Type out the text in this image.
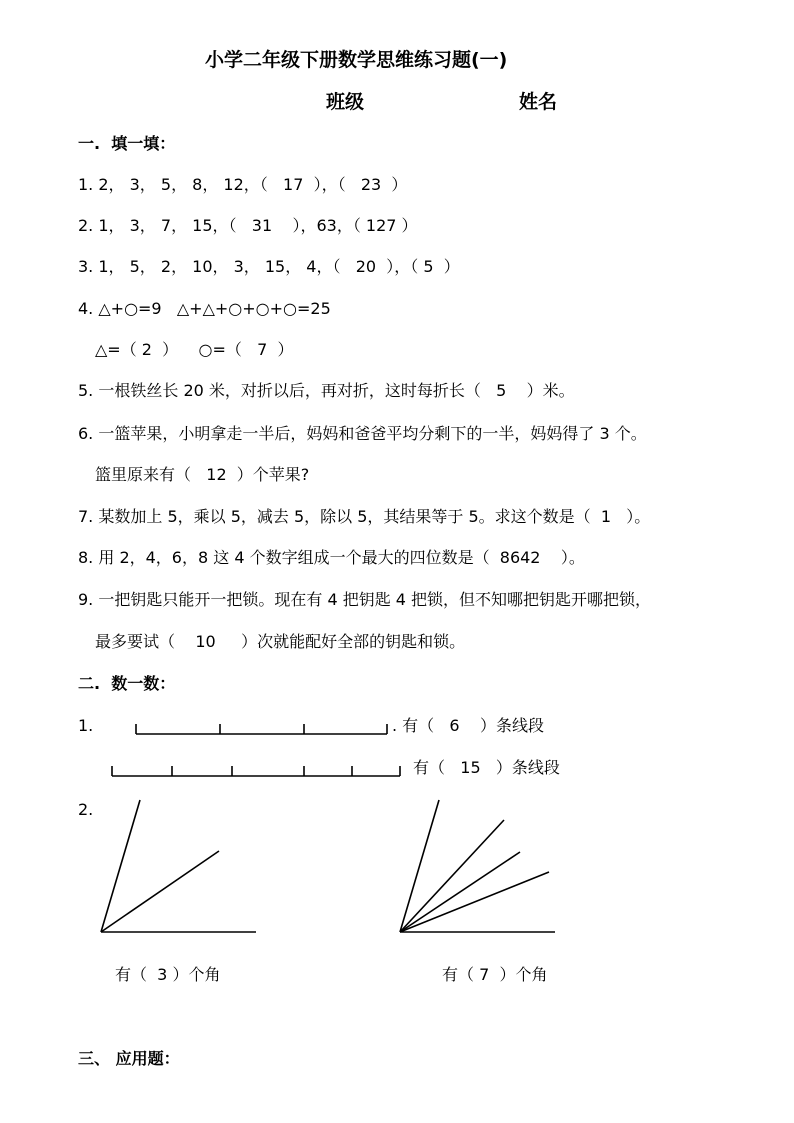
小学二年级下册数学思维练习题(一)
班级	姓名
一.  填一填：
1. 2， 3， 5， 8， 12，（   17  ），（   23  ）
2. 1， 3， 7， 15，（   31    ），63，（ 127 ）
3. 1， 5， 2， 10， 3， 15， 4，（   20  ），（ 5  ）
4. △+○=9   △+△+○+○+○=25
△=（ 2  ）    ○=（   7  ）
5. 一根铁丝长 20 米，对折以后，再对折，这时每折长（   5    ）米。
6. 一篮苹果，小明拿走一半后，妈妈和爸爸平均分剩下的一半，妈妈得了 3 个。
篮里原来有（   12  ）个苹果?
7. 某数加上 5，乘以 5，减去 5，除以 5，其结果等于 5。求这个数是（  1   ）。
8. 用 2，4，6，8 这 4 个数字组成一个最大的四位数是（  8642    ）。
9. 一把钥匙只能开一把锁。现在有 4 把钥匙 4 把锁，但不知哪把钥匙开哪把锁，
最多要试（    10     ）次就能配好全部的钥匙和锁。
二.  数一数：
1.	. 有（   6    ）条线段
有（   15   ）条线段
2.
有（  3 ）个角	有（ 7  ）个角
三、 应用题：
